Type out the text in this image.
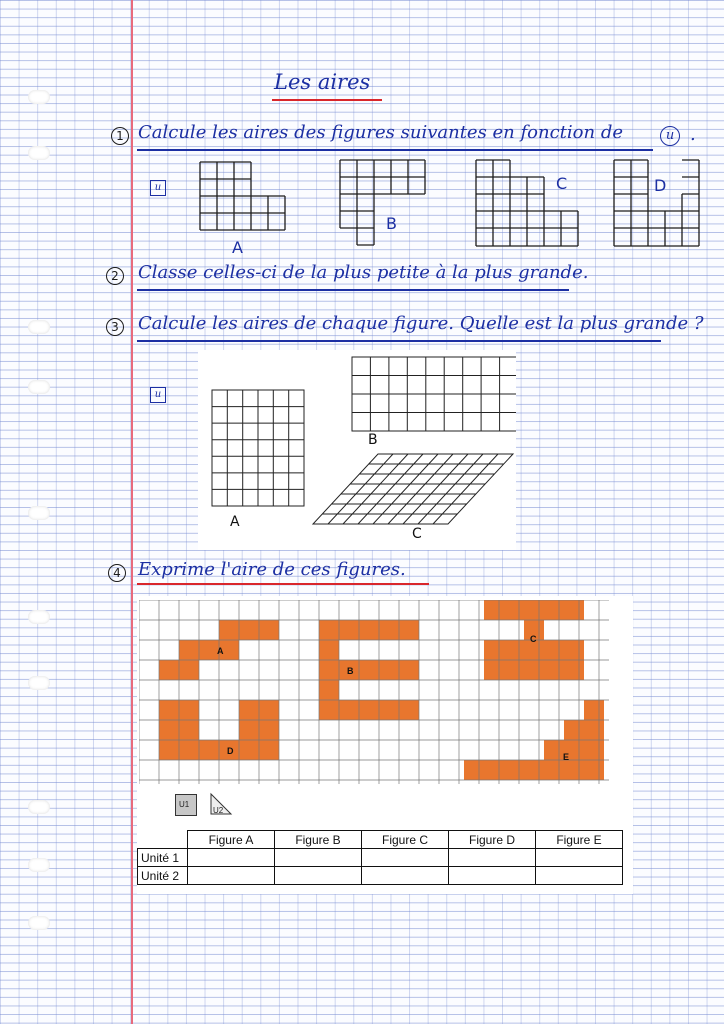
Les aires
1 Calcule les aires des figures suivantes en fonction de	u .
u
A
B
C	D
2 Classe celles-ci de la plus petite à la plus grande.
3 Calcule les aires de chaque figure. Quelle est la plus grande ?
u
A
B
C
4 Exprime l'aire de ces figures.
A
B
C
D
E
U1
U2
	Figure A	Figure B	Figure C	Figure D	Figure E
Unité 1					
Unité 2					
